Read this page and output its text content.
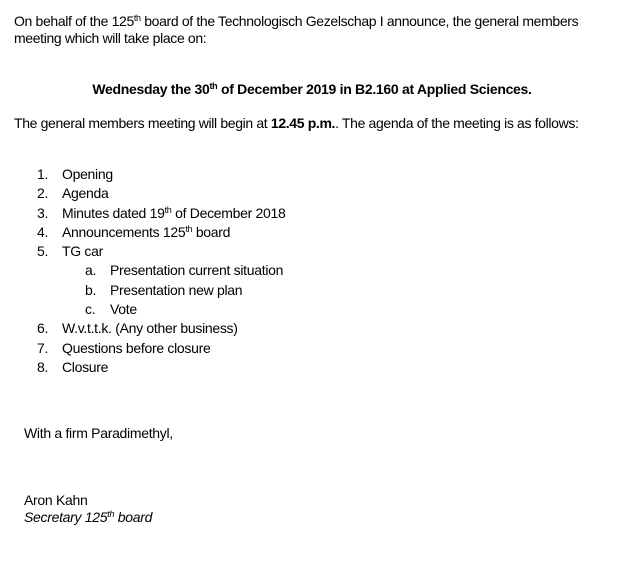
On behalf of the 125th board of the Technologisch Gezelschap I announce, the general members meeting which will take place on:
Wednesday the 30th of December 2019 in B2.160 at Applied Sciences.
The general members meeting will begin at 12.45 p.m.. The agenda of the meeting is as follows:
1. Opening
2. Agenda
3. Minutes dated 19th of December 2018
4. Announcements 125th board
5. TG car
a. Presentation current situation
b. Presentation new plan
c. Vote
6. W.v.t.t.k. (Any other business)
7. Questions before closure
8. Closure
With a firm Paradimethyl,
Aron Kahn
Secretary 125th board
